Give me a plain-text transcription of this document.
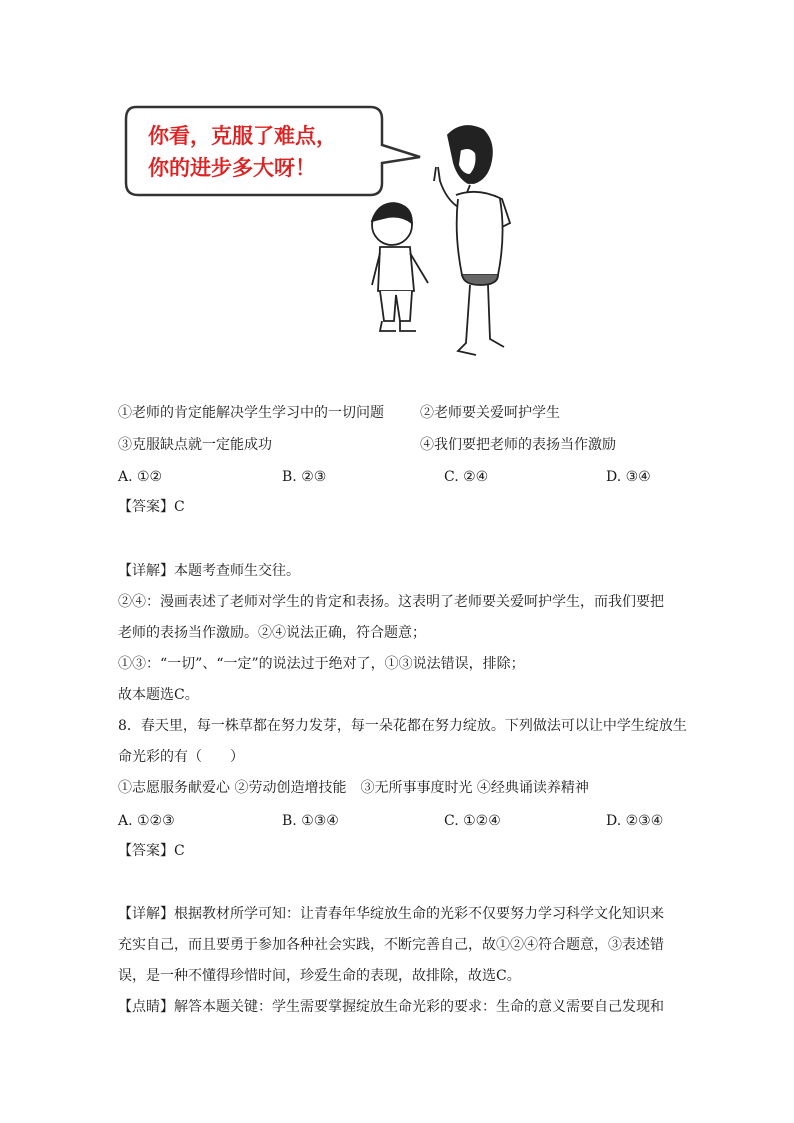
你看，克服了难点，
你的进步多大呀！
①老师的肯定能解决学生学习中的一切问题	②老师要关爱呵护学生
③克服缺点就一定能成功	④我们要把老师的表扬当作激励
A. ①②	B. ②③	C. ②④	D. ③④
【答案】C
【详解】本题考查师生交往。
②④：漫画表述了老师对学生的肯定和表扬。这表明了老师要关爱呵护学生，而我们要把
老师的表扬当作激励。②④说法正确，符合题意；
①③：“一切”、“一定”的说法过于绝对了，①③说法错误，排除；
故本题选C。
8．春天里，每一株草都在努力发芽，每一朵花都在努力绽放。下列做法可以让中学生绽放生
命光彩的有（　　）
①志愿服务献爱心 ②劳动创造增技能　③无所事事度时光 ④经典诵读养精神
A. ①②③	B. ①③④	C. ①②④	D. ②③④
【答案】C
【详解】根据教材所学可知：让青春年华绽放生命的光彩不仅要努力学习科学文化知识来
充实自己，而且要勇于参加各种社会实践，不断完善自己，故①②④符合题意，③表述错
误，是一种不懂得珍惜时间，珍爱生命的表现，故排除，故选C。
【点睛】解答本题关键：学生需要掌握绽放生命光彩的要求：生命的意义需要自己发现和
